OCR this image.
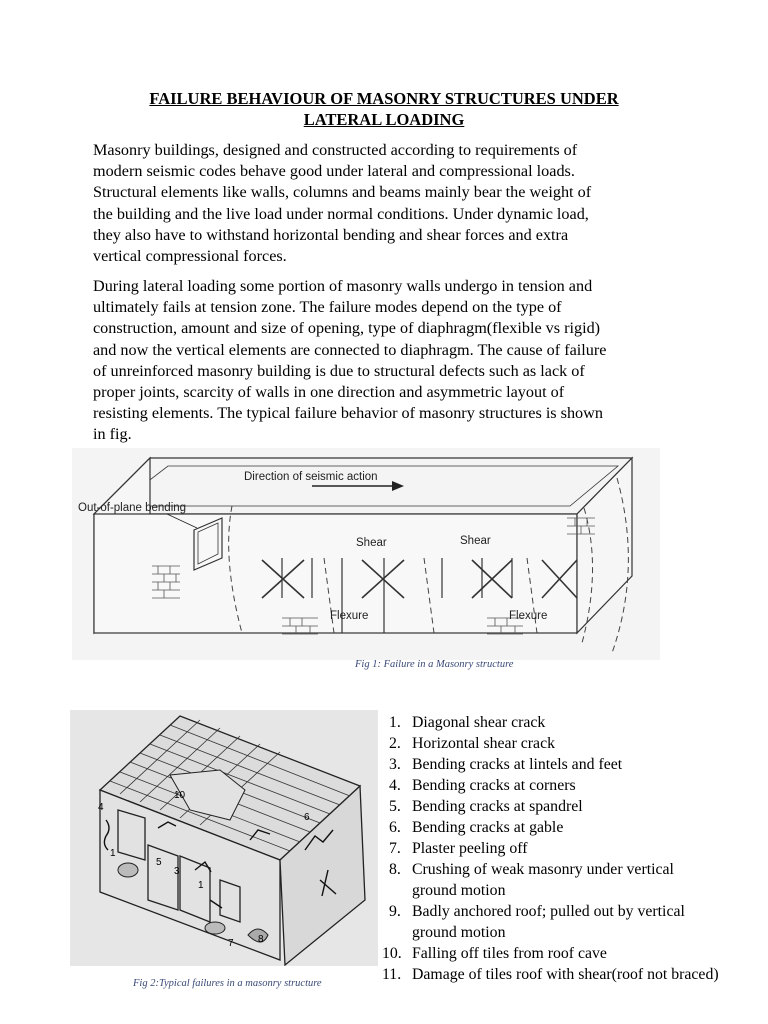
FAILURE BEHAVIOUR OF MASONRY STRUCTURES UNDER
LATERAL LOADING

Masonry buildings, designed and constructed according to requirements of
modern seismic codes behave good under lateral and compressional loads.
Structural elements like walls, columns and beams mainly bear the weight of
the building and the live load under normal conditions. Under dynamic load,
they also have to withstand horizontal bending and shear forces and extra
vertical compressional forces.

During lateral loading some portion of masonry walls undergo in tension and
ultimately fails at tension zone. The failure modes depend on the type of
construction, amount and size of opening, type of diaphragm(flexible vs rigid)
and now the vertical elements are connected to diaphragm. The cause of failure
of unreinforced masonry building is due to structural defects such as lack of
proper joints, scarcity of walls in one direction and asymmetric layout of
resisting elements. The typical failure behavior of masonry structures is shown
in fig.

Direction of seismic action
Out-of-plane bending
Shear	Shear
Flexure	Flexure
Fig 1: Failure in a Masonry structure
10
4
1
5
3
1
6
7 8
Fig 2:Typical failures in a masonry structure
1. Diagonal shear crack
2. Horizontal shear crack
3. Bending cracks at lintels and feet
4. Bending cracks at corners
5. Bending cracks at spandrel
6. Bending cracks at gable
7. Plaster peeling off
8. Crushing of weak masonry under vertical
ground motion
9. Badly anchored roof; pulled out by vertical
ground motion
10. Falling off tiles from roof cave
11. Damage of tiles roof with shear(roof not braced)
